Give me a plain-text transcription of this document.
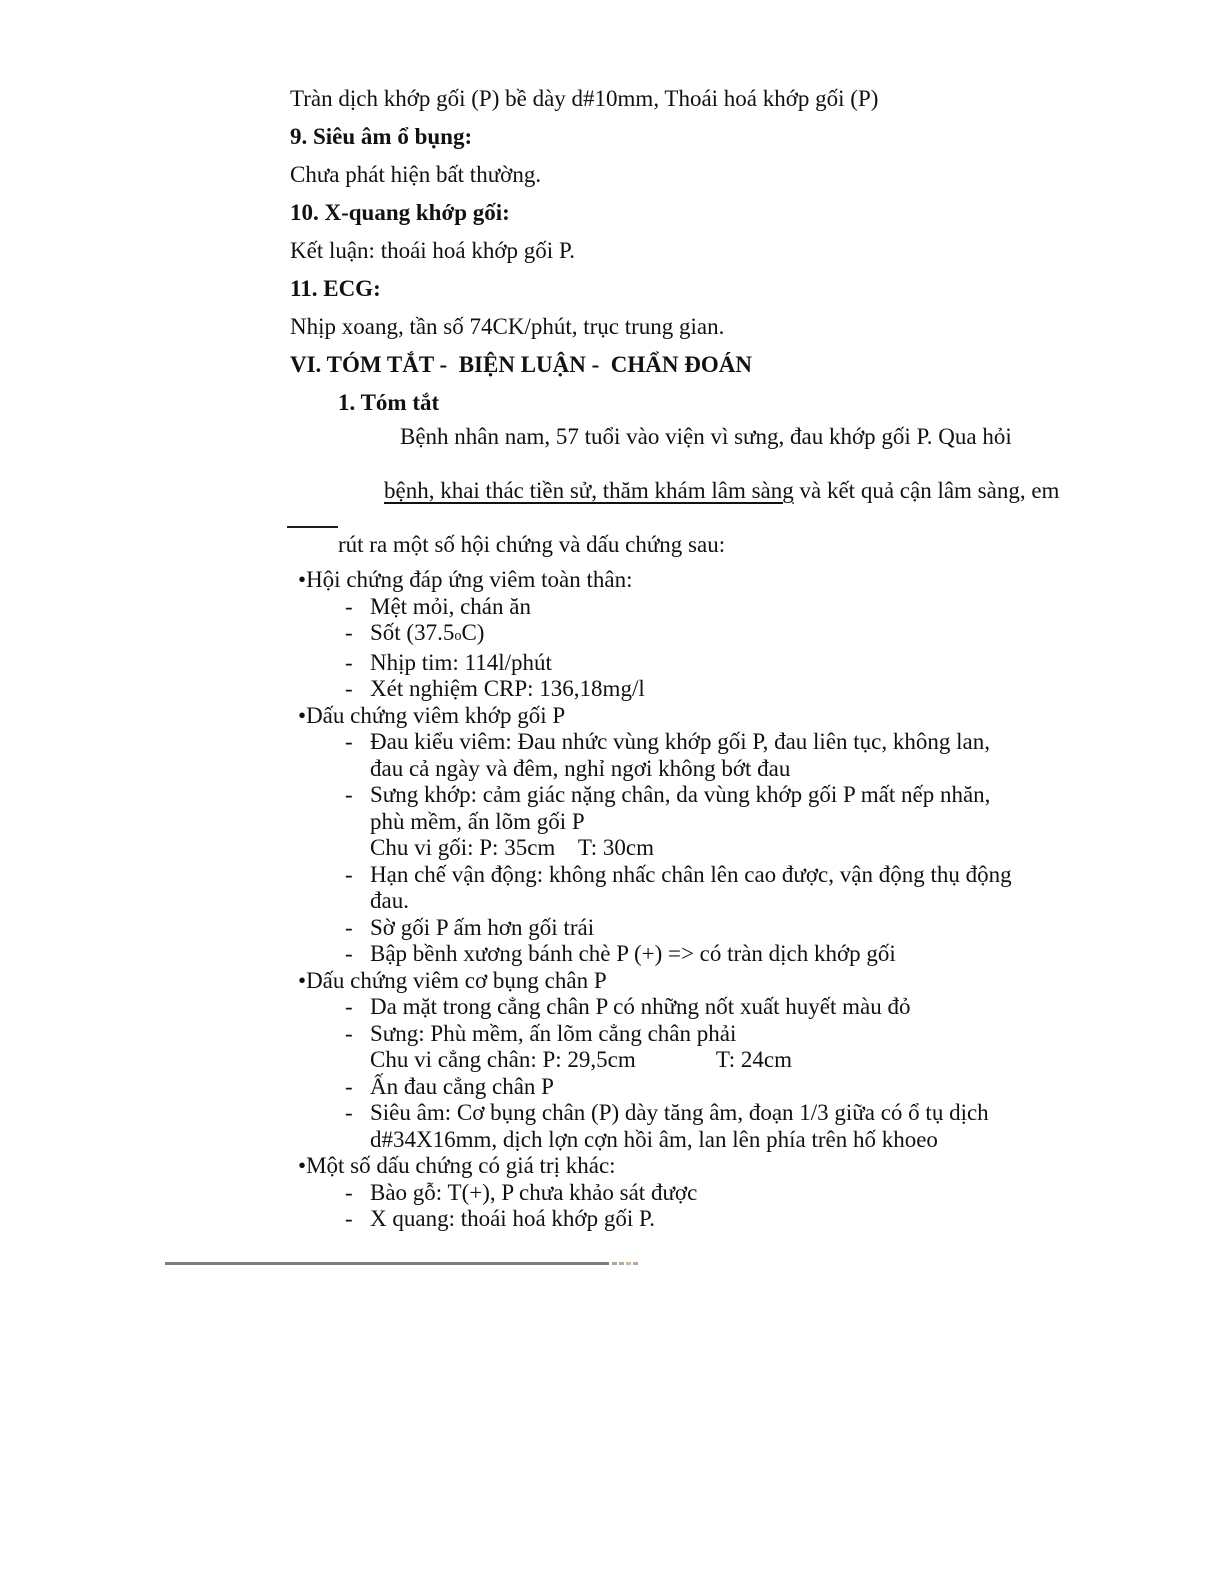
Tràn dịch khớp gối (P) bề dày d#10mm, Thoái hoá khớp gối (P)
9. Siêu âm ổ bụng:
Chưa phát hiện bất thường.
10. X-quang khớp gối:
Kết luận: thoái hoá khớp gối P.
11. ECG:
Nhịp xoang, tần số 74CK/phút, trục trung gian.
VI. TÓM TẮT -  BIỆN LUẬN -  CHẨN ĐOÁN
1. Tóm tắt
Bệnh nhân nam, 57 tuổi vào viện vì sưng, đau khớp gối P. Qua hỏi

bệnh, khai thác tiền sử, thăm khám lâm sàng và kết quả cận lâm sàng, em

rút ra một số hội chứng và dấu chứng sau:
•Hội chứng đáp ứng viêm toàn thân:
- Mệt mỏi, chán ăn
- Sốt (37.5oC)
- Nhịp tim: 114l/phút
- Xét nghiệm CRP: 136,18mg/l
•Dấu chứng viêm khớp gối P
- Đau kiểu viêm: Đau nhức vùng khớp gối P, đau liên tục, không lan,
đau cả ngày và đêm, nghỉ ngơi không bớt đau
- Sưng khớp: cảm giác nặng chân, da vùng khớp gối P mất nếp nhăn,
phù mềm, ấn lõm gối P
Chu vi gối: P: 35cm    T: 30cm
- Hạn chế vận động: không nhấc chân lên cao được, vận động thụ động
đau.
- Sờ gối P ấm hơn gối trái
- Bập bềnh xương bánh chè P (+) => có tràn dịch khớp gối
•Dấu chứng viêm cơ bụng chân P
- Da mặt trong cẳng chân P có những nốt xuất huyết màu đỏ
- Sưng: Phù mềm, ấn lõm cẳng chân phải
Chu vi cẳng chân: P: 29,5cm              T: 24cm
- Ấn đau cẳng chân P
- Siêu âm: Cơ bụng chân (P) dày tăng âm, đoạn 1/3 giữa có ổ tụ dịch
d#34X16mm, dịch lợn cợn hồi âm, lan lên phía trên hố khoeo
•Một số dấu chứng có giá trị khác:
- Bào gỗ: T(+), P chưa khảo sát được
- X quang: thoái hoá khớp gối P.
